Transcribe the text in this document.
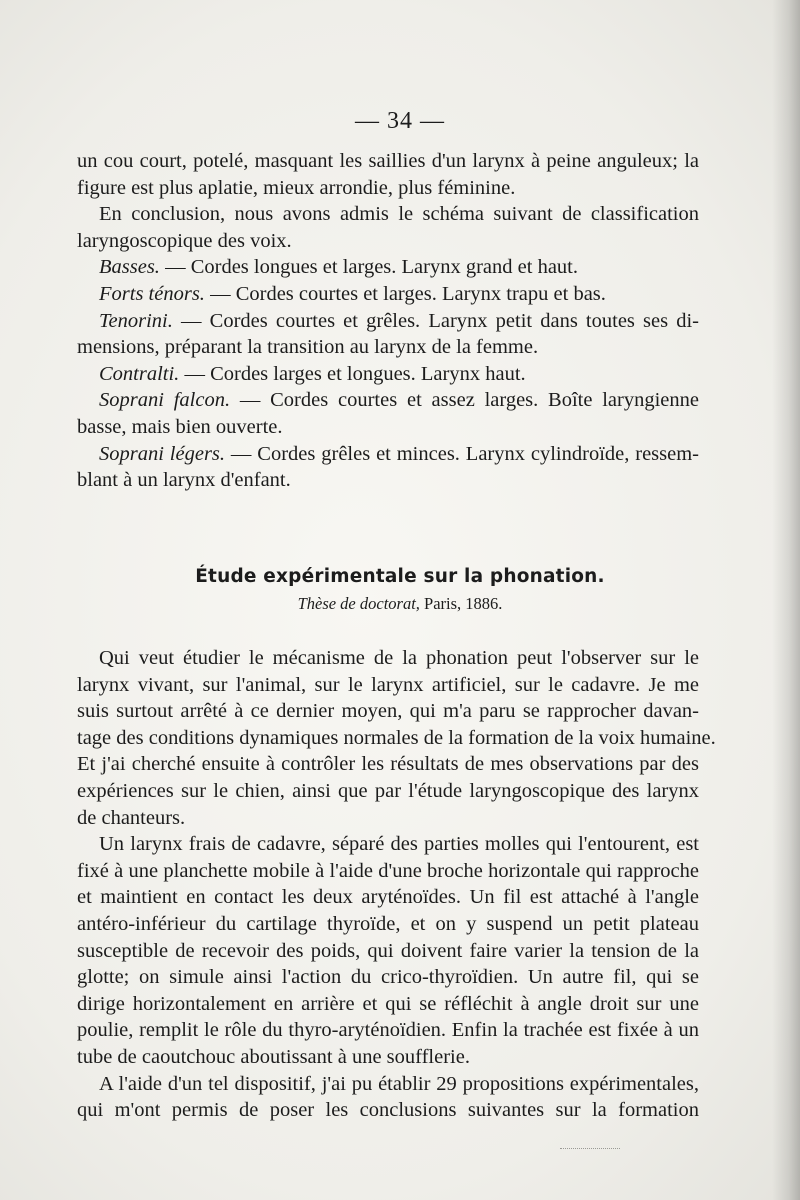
— 34 —
un cou court, potelé, masquant les saillies d'un larynx à peine anguleux; la
figure est plus aplatie, mieux arrondie, plus féminine.
En conclusion, nous avons admis le schéma suivant de classification
laryngoscopique des voix.
Basses. — Cordes longues et larges. Larynx grand et haut.
Forts ténors. — Cordes courtes et larges. Larynx trapu et bas.
Tenorini. — Cordes courtes et grêles. Larynx petit dans toutes ses di-
mensions, préparant la transition au larynx de la femme.
Contralti. — Cordes larges et longues. Larynx haut.
Soprani falcon. — Cordes courtes et assez larges. Boîte laryngienne
basse, mais bien ouverte.
Soprani légers. — Cordes grêles et minces. Larynx cylindroïde, ressem-
blant à un larynx d'enfant.
Étude expérimentale sur la phonation.
Thèse de doctorat, Paris, 1886.
Qui veut étudier le mécanisme de la phonation peut l'observer sur le
larynx vivant, sur l'animal, sur le larynx artificiel, sur le cadavre. Je me
suis surtout arrêté à ce dernier moyen, qui m'a paru se rapprocher davan-
tage des conditions dynamiques normales de la formation de la voix humaine.
Et j'ai cherché ensuite à contrôler les résultats de mes observations par des
expériences sur le chien, ainsi que par l'étude laryngoscopique des larynx
de chanteurs.
Un larynx frais de cadavre, séparé des parties molles qui l'entourent, est
fixé à une planchette mobile à l'aide d'une broche horizontale qui rapproche
et maintient en contact les deux aryténoïdes. Un fil est attaché à l'angle
antéro-inférieur du cartilage thyroïde, et on y suspend un petit plateau
susceptible de recevoir des poids, qui doivent faire varier la tension de la
glotte; on simule ainsi l'action du crico-thyroïdien. Un autre fil, qui se
dirige horizontalement en arrière et qui se réfléchit à angle droit sur une
poulie, remplit le rôle du thyro-aryténoïdien. Enfin la trachée est fixée à un
tube de caoutchouc aboutissant à une soufflerie.
A l'aide d'un tel dispositif, j'ai pu établir 29 propositions expérimentales,
qui m'ont permis de poser les conclusions suivantes sur la formation
